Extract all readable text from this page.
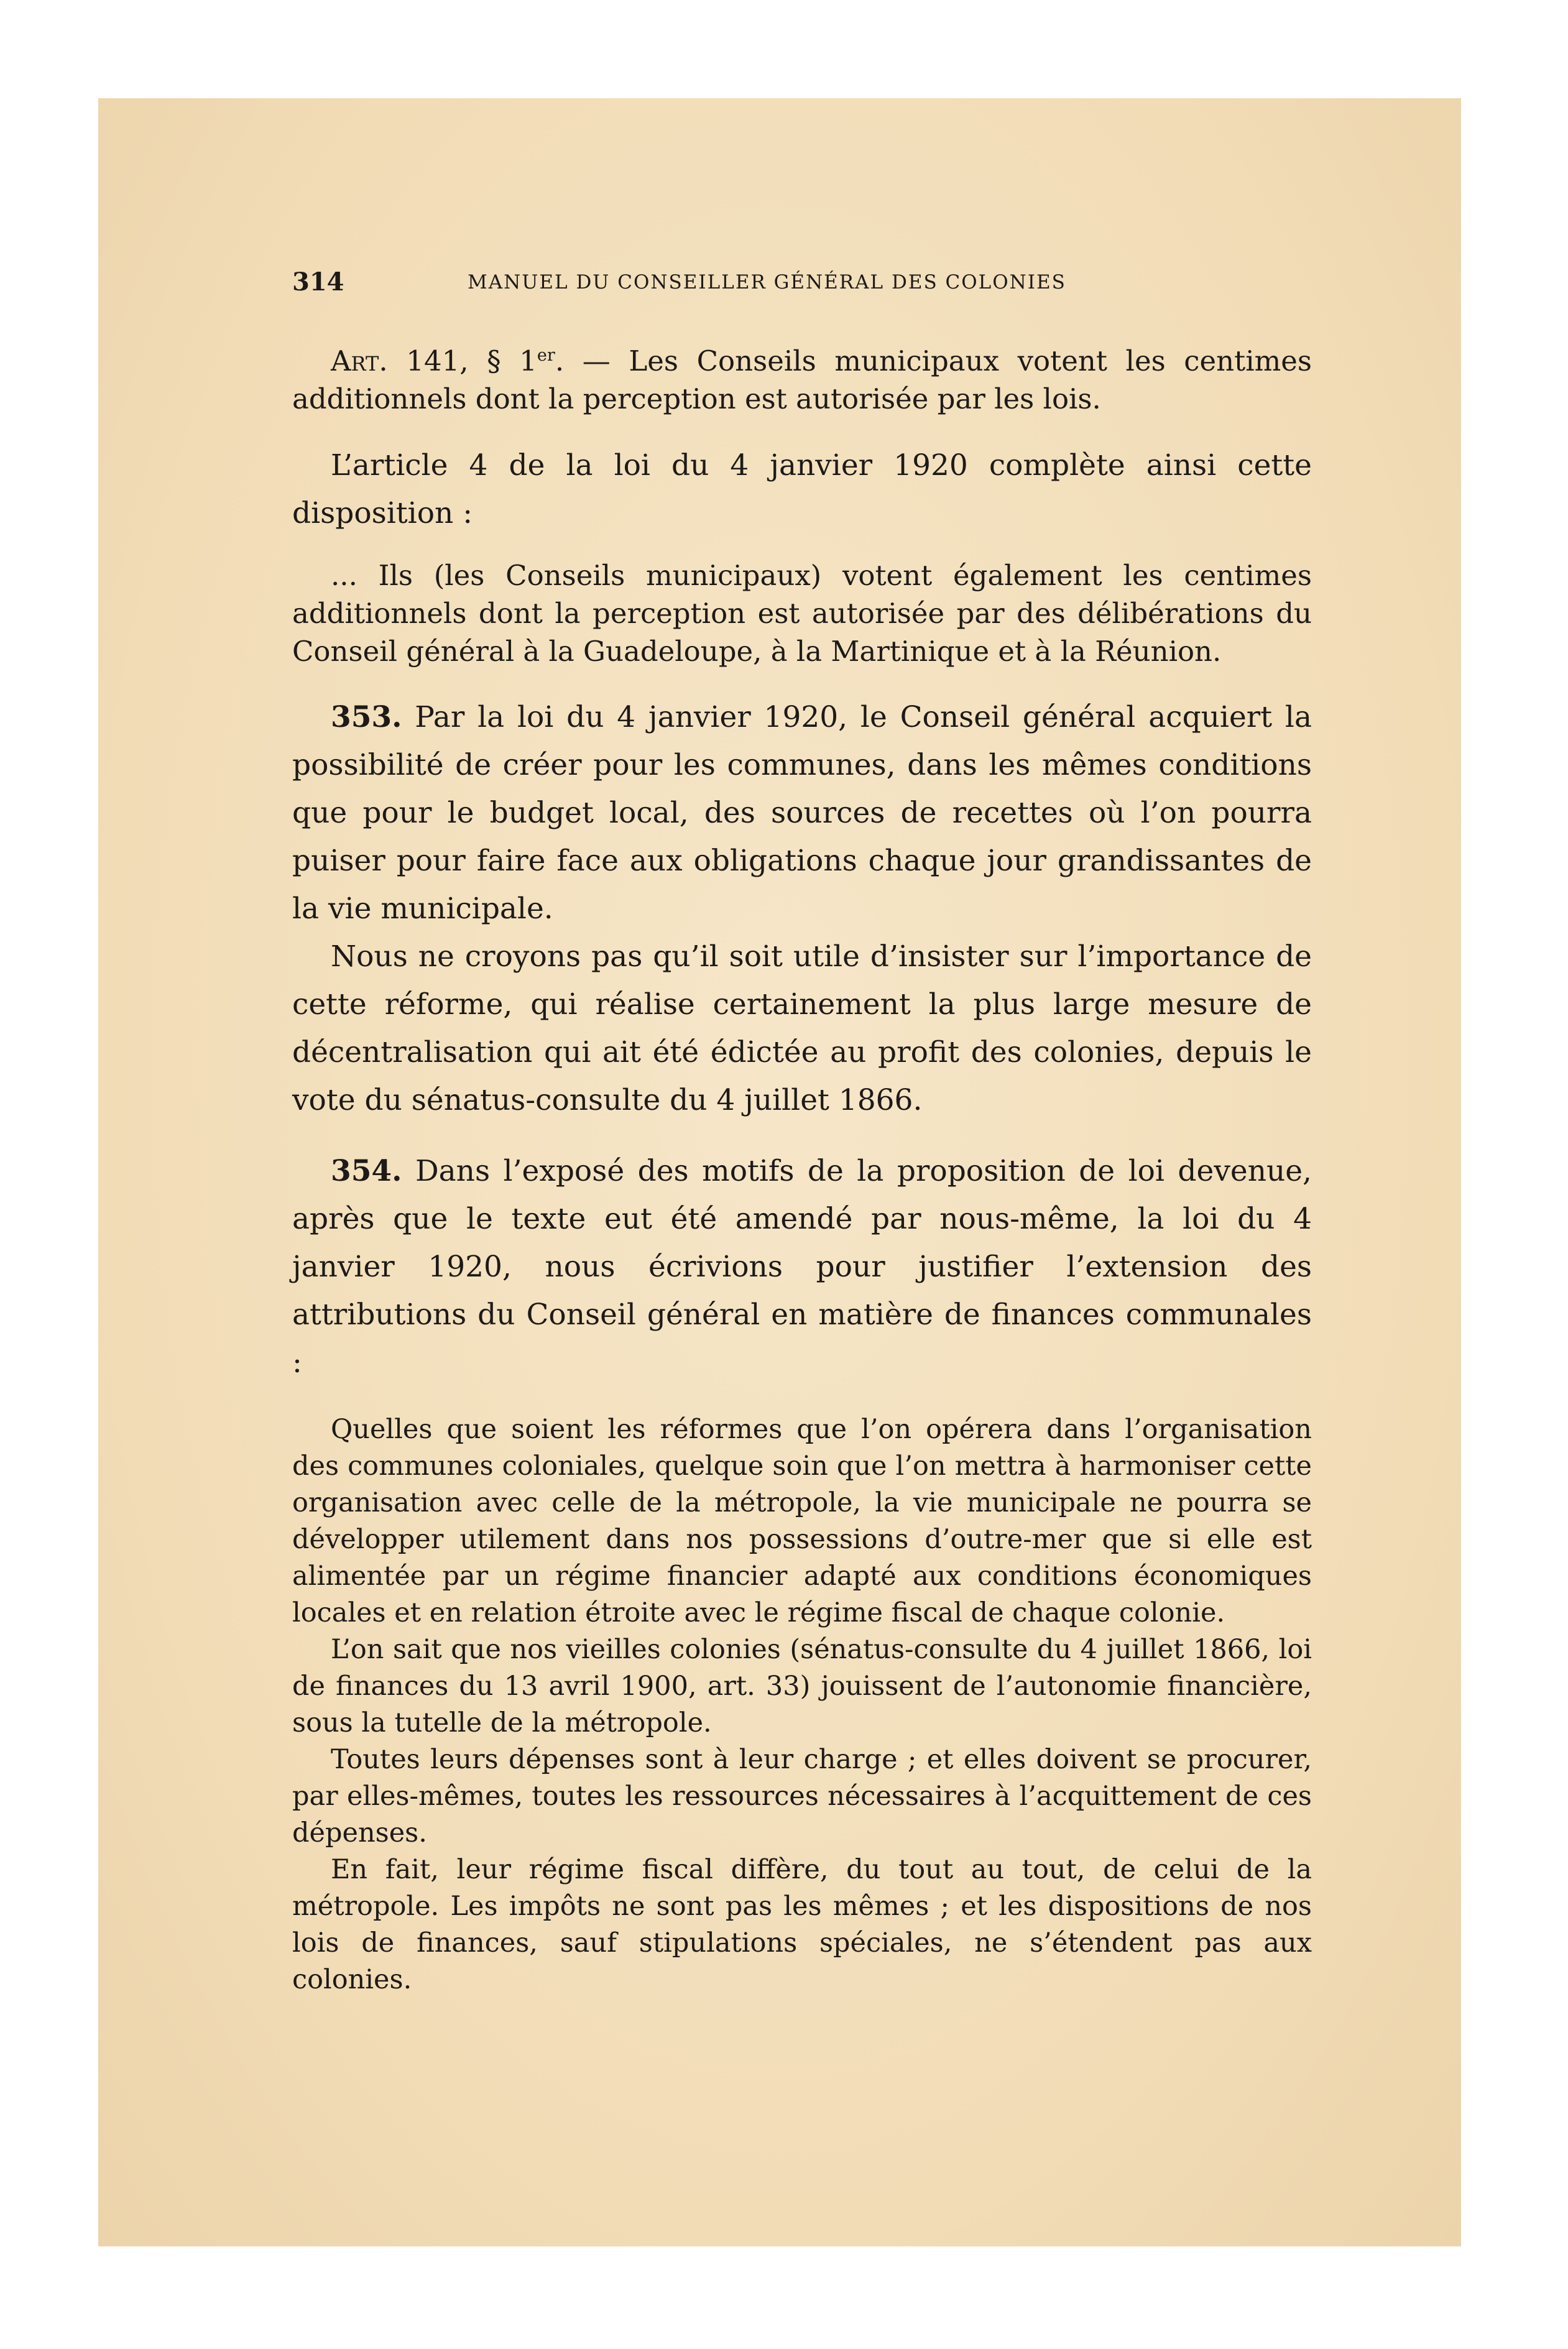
314	MANUEL DU CONSEILLER GÉNÉRAL DES COLONIES

Art. 141, § 1er. — Les Conseils municipaux votent les centimes additionnels dont la perception est autorisée par les lois.

L’article 4 de la loi du 4 janvier 1920 complète ainsi cette disposition :

... Ils (les Conseils municipaux) votent également les centimes additionnels dont la perception est autorisée par des délibérations du Conseil général à la Guadeloupe, à la Martinique et à la Réunion.

353. Par la loi du 4 janvier 1920, le Conseil général acquiert la possibilité de créer pour les communes, dans les mêmes conditions que pour le budget local, des sources de recettes où l’on pourra puiser pour faire face aux obligations chaque jour grandissantes de la vie municipale.

Nous ne croyons pas qu’il soit utile d’insister sur l’importance de cette réforme, qui réalise certainement la plus large mesure de décentralisation qui ait été édictée au profit des colonies, depuis le vote du sénatus-consulte du 4 juillet 1866.

354. Dans l’exposé des motifs de la proposition de loi devenue, après que le texte eut été amendé par nous-même, la loi du 4 janvier 1920, nous écrivions pour justifier l’extension des attributions du Conseil général en matière de finances communales :

Quelles que soient les réformes que l’on opérera dans l’organisation des communes coloniales, quelque soin que l’on mettra à harmoniser cette organisation avec celle de la métropole, la vie municipale ne pourra se développer utilement dans nos possessions d’outre-mer que si elle est alimentée par un régime financier adapté aux conditions économiques locales et en relation étroite avec le régime fiscal de chaque colonie.

L’on sait que nos vieilles colonies (sénatus-consulte du 4 juillet 1866, loi de finances du 13 avril 1900, art. 33) jouissent de l’autonomie financière, sous la tutelle de la métropole.

Toutes leurs dépenses sont à leur charge ; et elles doivent se procurer, par elles-mêmes, toutes les ressources nécessaires à l’acquittement de ces dépenses.

En fait, leur régime fiscal diffère, du tout au tout, de celui de la métropole. Les impôts ne sont pas les mêmes ; et les dispositions de nos lois de finances, sauf stipulations spéciales, ne s’étendent pas aux colonies.
